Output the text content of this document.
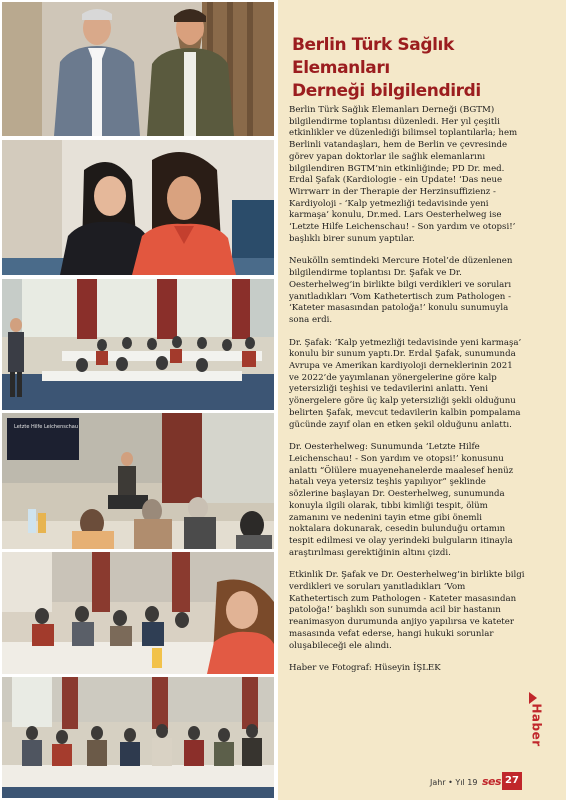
Letzte Hilfe Leichenschau
Berlin Türk Sağlık Elemanları
Derneği bilgilendirdi

Berlin Türk Sağlık Elemanları Derneği (BGTM) bilgilendirme toplantısı düzenledi. Her yıl çeşitli etkinlikler ve düzenlediği bilimsel toplantılarla; hem Berlinli vatandaşları, hem de Berlin ve çevresinde görev yapan doktorlar ile sağlık elemanlarını bilgilendiren BGTM’nin etkinliğinde; PD Dr. med. Erdal Şafak (Kardiologie - ein Update! ‘Das neue Wirrwarr in der Therapie der Herzinsuffizienz - Kardiyoloji - ‘Kalp yetmezliği tedavisinde yeni karmaşa’ konulu, Dr.med. Lars Oesterhelweg ise ‘Letzte Hilfe Leichenschau! - Son yardım ve otopsi!’ başlıklı birer sunum yaptılar.

Neukölln semtindeki Mercure Hotel’de düzenlenen bilgilendirme toplantısı Dr. Şafak ve Dr. Oesterhelweg’in birlikte bilgi verdikleri ve soruları yanıtladıkları ‘Vom Kathetertisch zum Pathologen - ‘Kateter masasından patoloğa!’ konulu sunumuyla sona erdi.

Dr. Şafak: ‘Kalp yetmezliği tedavisinde yeni karmaşa’ konulu bir sunum yaptı.Dr. Erdal Şafak, sunumunda Avrupa ve Amerikan kardiyoloji derneklerinin 2021 ve 2022’de yayımlanan yönergelerine göre kalp yetersizliği teşhisi ve tedavilerini anlattı. Yeni yönergelere göre üç kalp yetersizliği şekli olduğunu belirten Şafak, mevcut tedavilerin kalbin pompalama gücünde zayıf olan en etken şekil olduğunu anlattı.

Dr. Oesterhelweg: Sunumunda ‘Letzte Hilfe Leichenschau! - Son yardım ve otopsi!’ konusunu anlattı “Ölülere muayenehanelerde maalesef henüz hatalı veya yetersiz teşhis yapılıyor” şeklinde sözlerine başlayan Dr. Oesterhelweg, sunumunda konuyla ilgili olarak, tıbbi kimliği tespit, ölüm zamanını ve nedenini tayin etme gibi önemli noktalara dokunarak, cesedin bulunduğu ortamın tespit edilmesi ve olay yerindeki bulguların itinayla araştırılması gerektiğinin altını çizdi.

Etkinlik Dr. Şafak ve Dr. Oesterhelweg’in birlikte bilgi verdikleri ve soruları yanıtladıkları ‘Vom Kathetertisch zum Pathologen - Kateter masasından patoloğa!’ başlıklı son sunumda acil bir hastanın reanimasyon durumunda anjiyo yapılırsa ve kateter masasında vefat ederse, hangi hukuki sorunlar oluşabileceği ele alındı.

Haber ve Fotograf: Hüseyin İŞLEK

Haber
Jahr • Yıl 19 ses 27
